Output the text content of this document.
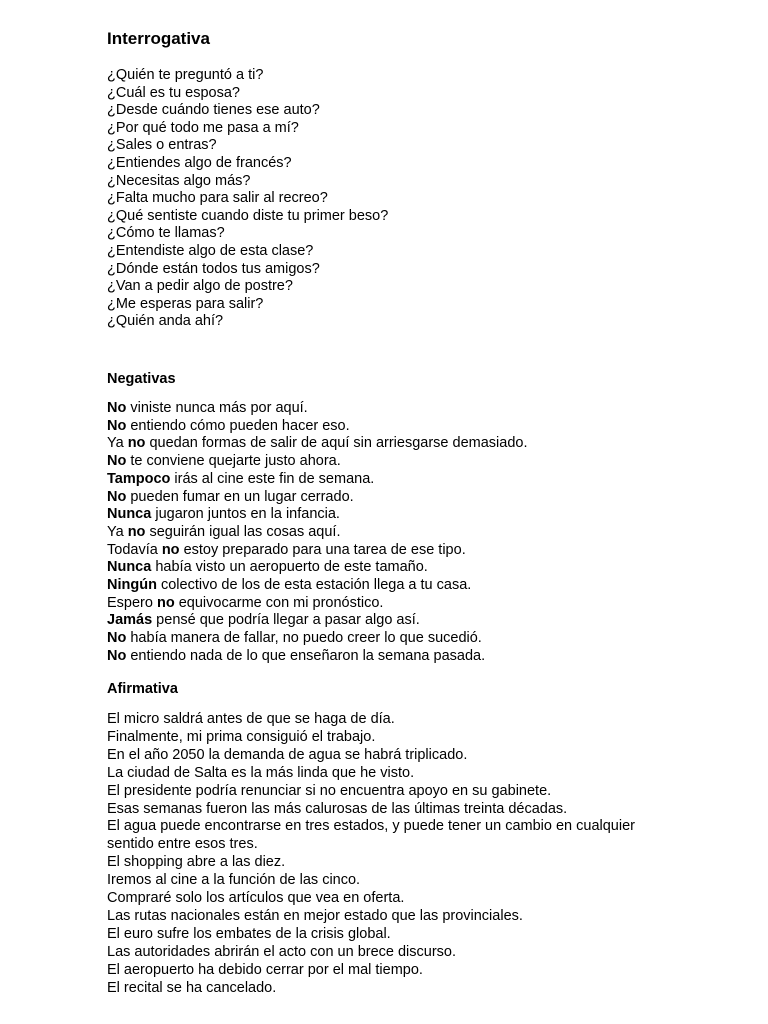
Interrogativa
¿Quién te preguntó a ti?
¿Cuál es tu esposa?
¿Desde cuándo tienes ese auto?
¿Por qué todo me pasa a mí?
¿Sales o entras?
¿Entiendes algo de francés?
¿Necesitas algo más?
¿Falta mucho para salir al recreo?
¿Qué sentiste cuando diste tu primer beso?
¿Cómo te llamas?
¿Entendiste algo de esta clase?
¿Dónde están todos tus amigos?
¿Van a pedir algo de postre?
¿Me esperas para salir?
¿Quién anda ahí?
Negativas
No viniste nunca más por aquí.
No entiendo cómo pueden hacer eso.
Ya no quedan formas de salir de aquí sin arriesgarse demasiado.
No te conviene quejarte justo ahora.
Tampoco irás al cine este fin de semana.
No pueden fumar en un lugar cerrado.
Nunca jugaron juntos en la infancia.
Ya no seguirán igual las cosas aquí.
Todavía no estoy preparado para una tarea de ese tipo.
Nunca había visto un aeropuerto de este tamaño.
Ningún colectivo de los de esta estación llega a tu casa.
Espero no equivocarme con mi pronóstico.
Jamás pensé que podría llegar a pasar algo así.
No había manera de fallar, no puedo creer lo que sucedió.
No entiendo nada de lo que enseñaron la semana pasada.
Afirmativa
El micro saldrá antes de que se haga de día.
Finalmente, mi prima consiguió el trabajo.
En el año 2050 la demanda de agua se habrá triplicado.
La ciudad de Salta es la más linda que he visto.
El presidente podría renunciar si no encuentra apoyo en su gabinete.
Esas semanas fueron las más calurosas de las últimas treinta décadas.
El agua puede encontrarse en tres estados, y puede tener un cambio en cualquier
sentido entre esos tres.
El shopping abre a las diez.
Iremos al cine a la función de las cinco.
Compraré solo los artículos que vea en oferta.
Las rutas nacionales están en mejor estado que las provinciales.
El euro sufre los embates de la crisis global.
Las autoridades abrirán el acto con un brece discurso.
El aeropuerto ha debido cerrar por el mal tiempo.
El recital se ha cancelado.
